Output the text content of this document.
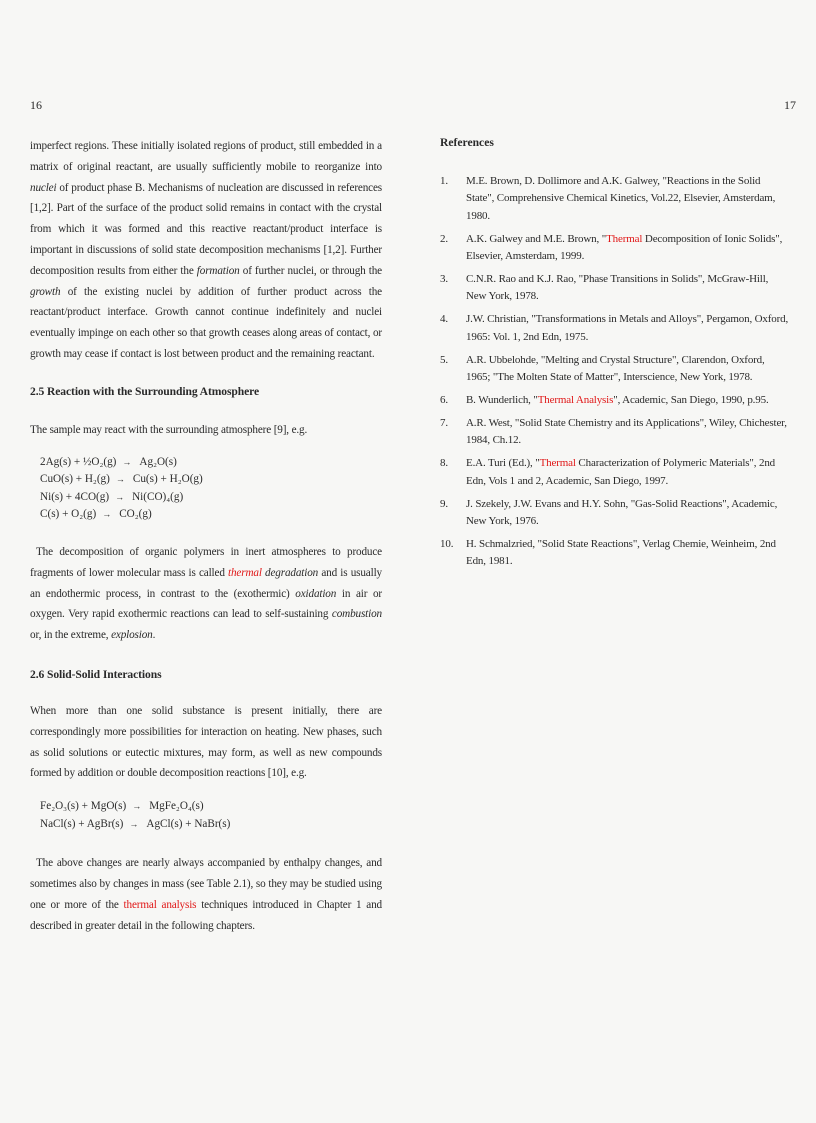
16	17

imperfect regions. These initially isolated regions of product, still embedded in a matrix of original reactant, are usually sufficiently mobile to reorganize into nuclei of product phase B. Mechanisms of nucleation are discussed in references [1,2]. Part of the surface of the product solid remains in contact with the crystal from which it was formed and this reactive reactant/product interface is important in discussions of solid state decomposition mechanisms [1,2]. Further decomposition results from either the formation of further nuclei, or through the growth of the existing nuclei by addition of further product across the reactant/product interface. Growth cannot continue indefinitely and nuclei eventually impinge on each other so that growth ceases along areas of contact, or growth may cease if contact is lost between product and the remaining reactant.

2.5 Reaction with the Surrounding Atmosphere

The sample may react with the surrounding atmosphere [9], e.g.

2Ag(s) + ½O₂(g) → Ag₂O(s)
CuO(s) + H₂(g) → Cu(s) + H₂O(g)
Ni(s) + 4CO(g) → Ni(CO)₄(g)
C(s) + O₂(g) → CO₂(g)

The decomposition of organic polymers in inert atmospheres to produce fragments of lower molecular mass is called thermal degradation and is usually an endothermic process, in contrast to the (exothermic) oxidation in air or oxygen. Very rapid exothermic reactions can lead to self-sustaining combustion or, in the extreme, explosion.

2.6 Solid-Solid Interactions

When more than one solid substance is present initially, there are correspondingly more possibilities for interaction on heating. New phases, such as solid solutions or eutectic mixtures, may form, as well as new compounds formed by addition or double decomposition reactions [10], e.g.

Fe₂O₃(s) + MgO(s) → MgFe₂O₄(s)
NaCl(s) + AgBr(s) → AgCl(s) + NaBr(s)

The above changes are nearly always accompanied by enthalpy changes, and sometimes also by changes in mass (see Table 2.1), so they may be studied using one or more of the thermal analysis techniques introduced in Chapter 1 and described in greater detail in the following chapters.

References

1. M.E. Brown, D. Dollimore and A.K. Galwey, "Reactions in the Solid State", Comprehensive Chemical Kinetics, Vol.22, Elsevier, Amsterdam, 1980.
2. A.K. Galwey and M.E. Brown, "Thermal Decomposition of Ionic Solids", Elsevier, Amsterdam, 1999.
3. C.N.R. Rao and K.J. Rao, "Phase Transitions in Solids", McGraw-Hill, New York, 1978.
4. J.W. Christian, "Transformations in Metals and Alloys", Pergamon, Oxford, 1965: Vol. 1, 2nd Edn, 1975.
5. A.R. Ubbelohde, "Melting and Crystal Structure", Clarendon, Oxford, 1965; "The Molten State of Matter", Interscience, New York, 1978.
6. B. Wunderlich, "Thermal Analysis", Academic, San Diego, 1990, p.95.
7. A.R. West, "Solid State Chemistry and its Applications", Wiley, Chichester, 1984, Ch.12.
8. E.A. Turi (Ed.), "Thermal Characterization of Polymeric Materials", 2nd Edn, Vols 1 and 2, Academic, San Diego, 1997.
9. J. Szekely, J.W. Evans and H.Y. Sohn, "Gas-Solid Reactions", Academic, New York, 1976.
10. H. Schmalzried, "Solid State Reactions", Verlag Chemie, Weinheim, 2nd Edn, 1981.
